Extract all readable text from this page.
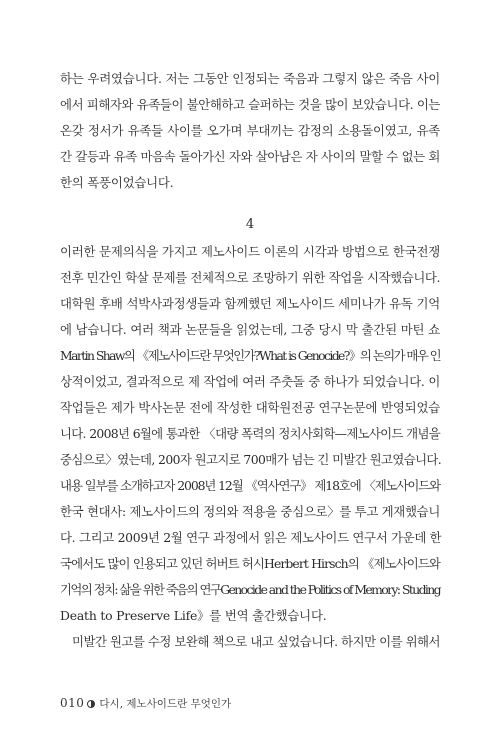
하는 우려였습니다. 저는 그동안 인정되는 죽음과 그렇지 않은 죽음 사이
에서 피해자와 유족들이 불안해하고 슬퍼하는 것을 많이 보았습니다. 이는
온갖 정서가 유족들 사이를 오가며 부대끼는 감정의 소용돌이였고, 유족
간 갈등과 유족 마음속 돌아가신 자와 살아남은 자 사이의 말할 수 없는 회
한의 폭풍이었습니다.
4
이러한 문제의식을 가지고 제노사이드 이론의 시각과 방법으로 한국전쟁
전후 민간인 학살 문제를 전체적으로 조망하기 위한 작업을 시작했습니다.
대학원 후배 석박사과정생들과 함께했던 제노사이드 세미나가 유독 기억
에 남습니다. 여러 책과 논문들을 읽었는데, 그중 당시 막 출간된 마틴 쇼
Martin Shaw의 《제노사이드란 무엇인가?What is Genocide?》의 논의가 매우 인
상적이었고, 결과적으로 제 작업에 여러 주춧돌 중 하나가 되었습니다. 이
작업들은 제가 박사논문 전에 작성한 대학원전공 연구논문에 반영되었습
니다. 2008년 6월에 통과한 〈대량 폭력의 정치사회학—제노사이드 개념을
중심으로〉였는데, 200자 원고지로 700매가 넘는 긴 미발간 원고였습니다.
내용 일부를 소개하고자 2008년 12월 《역사연구》 제18호에 〈제노사이드와
한국 현대사: 제노사이드의 정의와 적용을 중심으로〉를 투고 게재했습니
다. 그리고 2009년 2월 연구 과정에서 읽은 제노사이드 연구서 가운데 한
국에서도 많이 인용되고 있던 허버트 허시Herbert Hirsch의 《제노사이드와
기억의 정치: 삶을 위한 죽음의 연구Genocide and the Politics of Memory: Studing
Death to Preserve Life》를 번역 출간했습니다.
미발간 원고를 수정 보완해 책으로 내고 싶었습니다. 하지만 이를 위해서
010 다시, 제노사이드란 무엇인가
